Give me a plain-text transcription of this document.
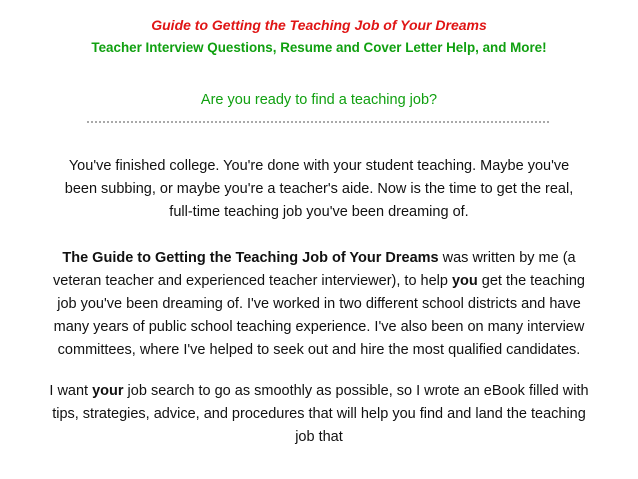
Guide to Getting the Teaching Job of Your Dreams
Teacher Interview Questions, Resume and Cover Letter Help, and More!
Are you ready to find a teaching job?
You've finished college. You're done with your student teaching. Maybe you've
been subbing, or maybe you're a teacher's aide. Now is the time to get the real,
full-time teaching job you've been dreaming of.
The Guide to Getting the Teaching Job of Your Dreams was written by me (a
veteran teacher and experienced teacher interviewer), to help you get the teaching
job you've been dreaming of. I've worked in two different school districts and have
many years of public school teaching experience. I've also been on many interview
committees, where I've helped to seek out and hire the most qualified candidates.
I want your job search to go as smoothly as possible, so I wrote an eBook filled with
tips, strategies, advice, and procedures that will help you find and land the teaching
job that
